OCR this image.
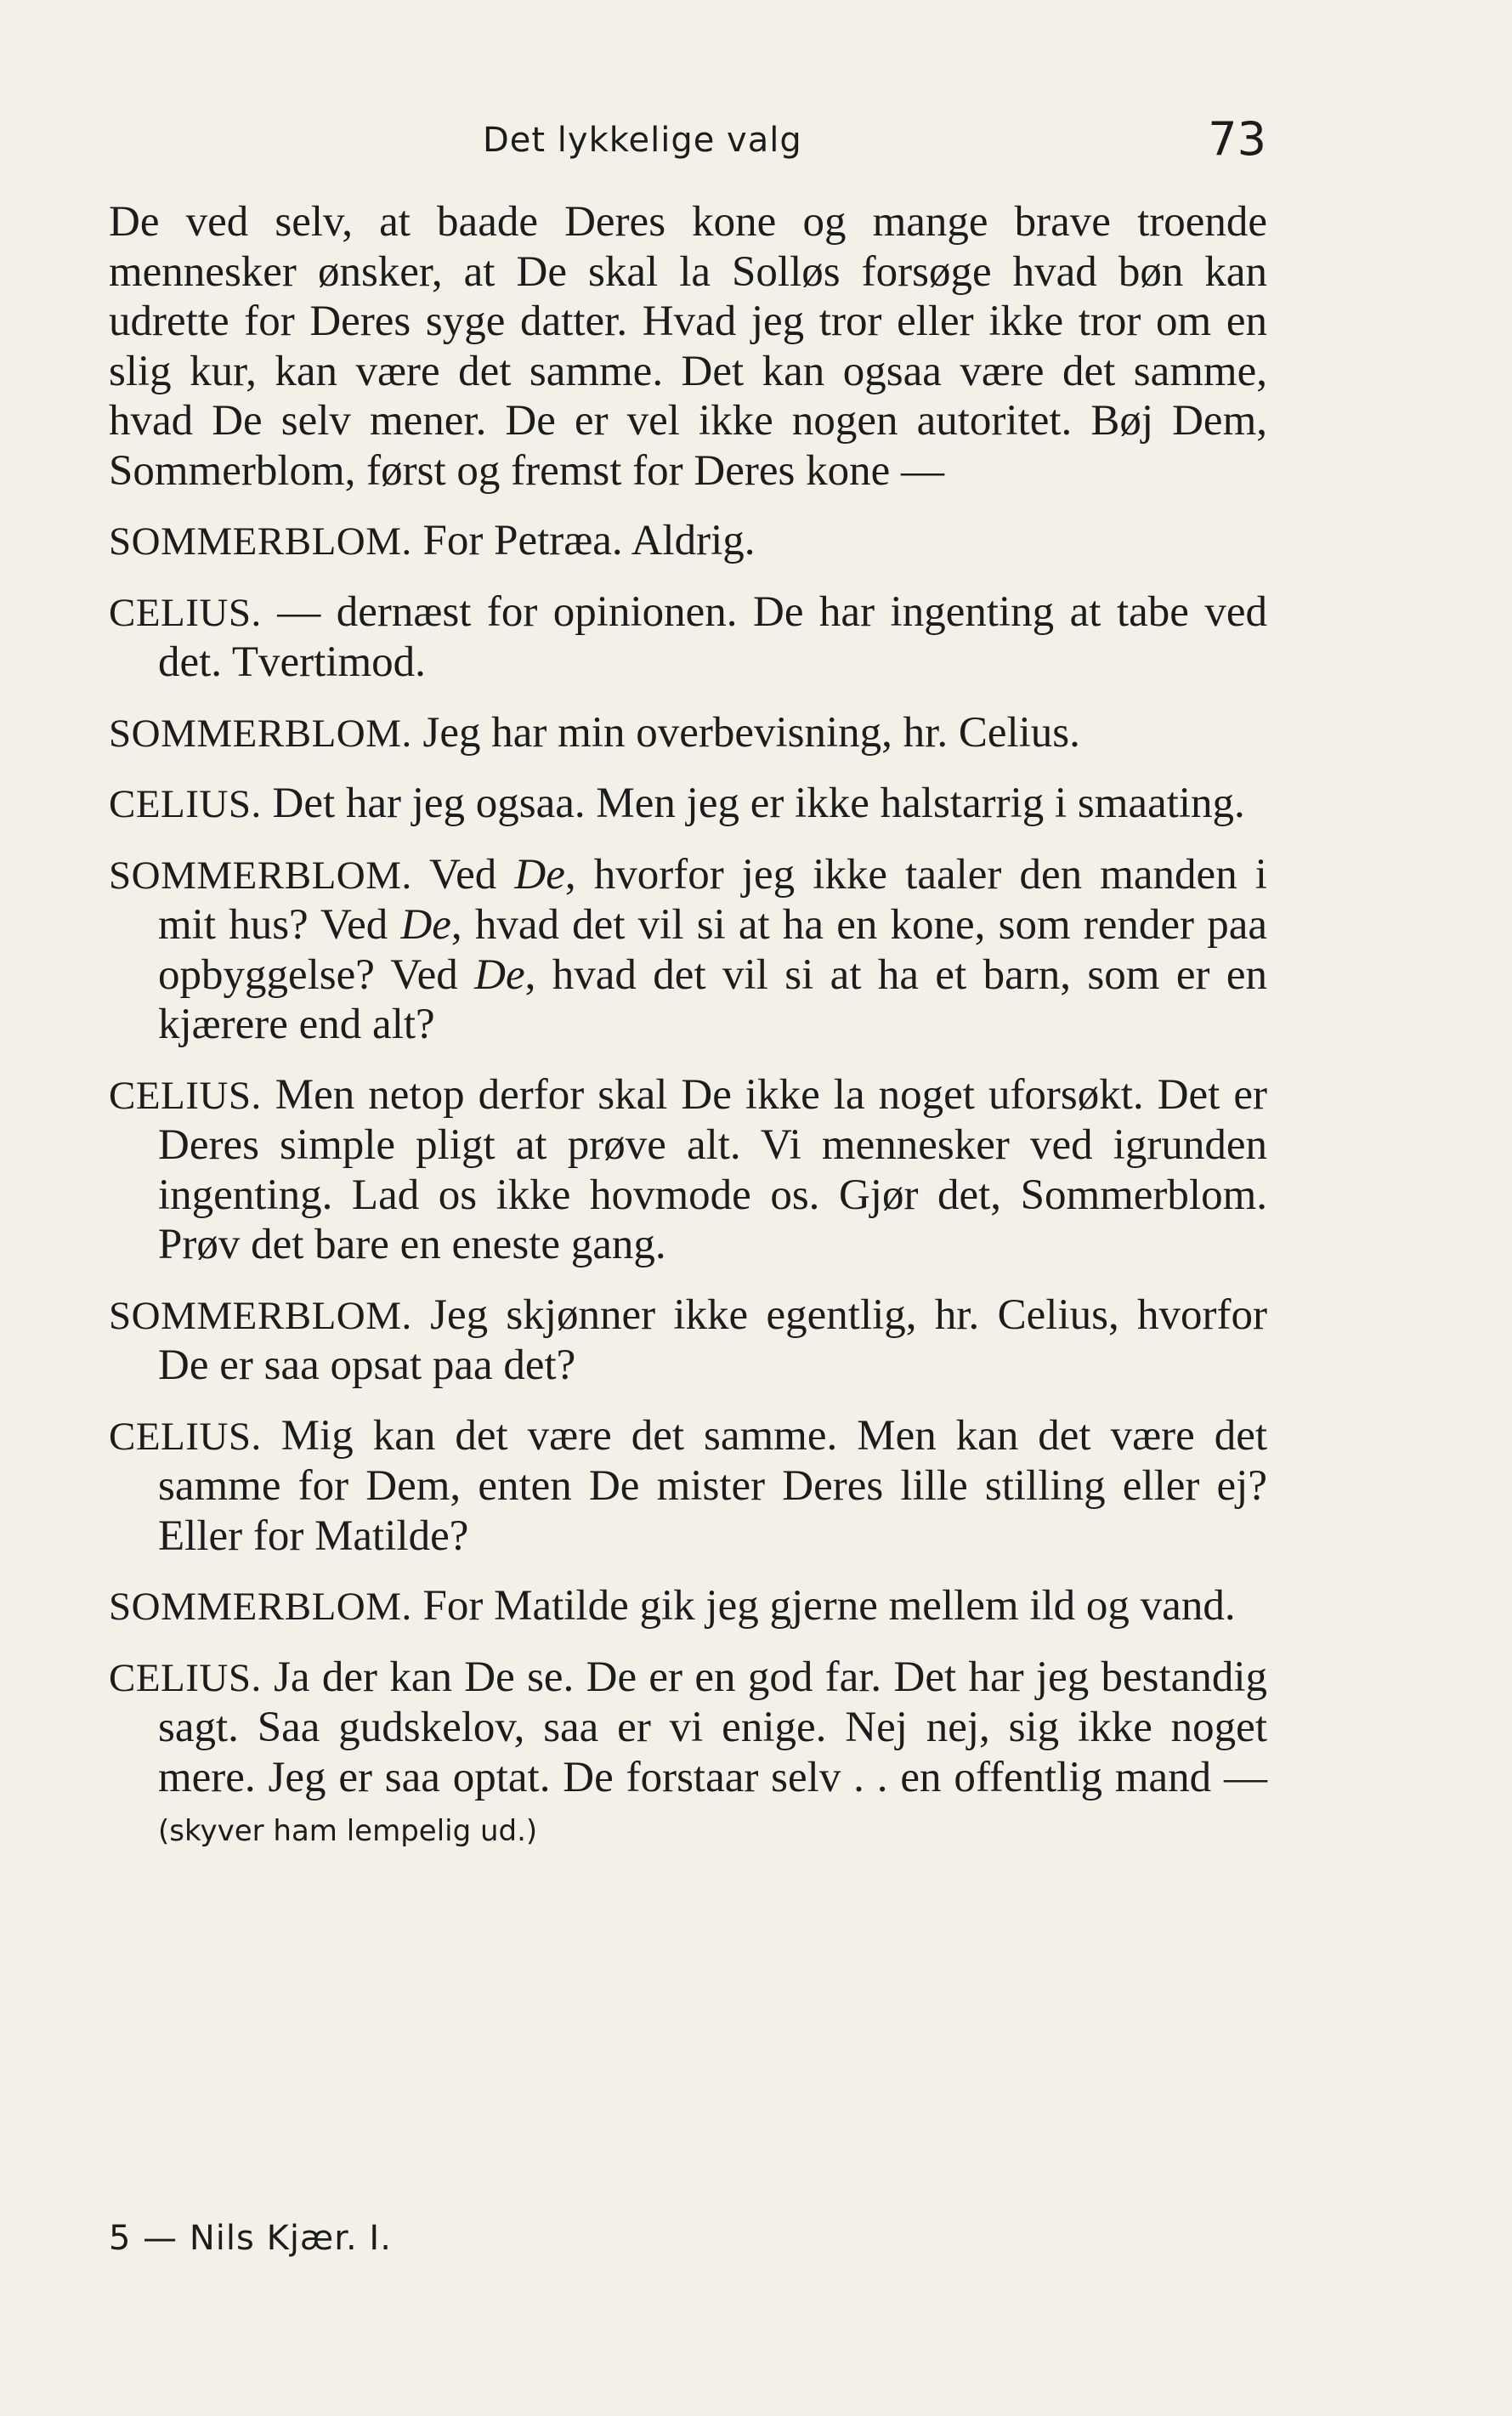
Det lykkelige valg	73

De ved selv, at baade Deres kone og mange brave troende mennesker ønsker, at De skal la Solløs forsøge hvad bøn kan udrette for Deres syge datter. Hvad jeg tror eller ikke tror om en slig kur, kan være det samme. Det kan ogsaa være det samme, hvad De selv mener. De er vel ikke nogen autoritet. Bøj Dem, Sommerblom, først og fremst for Deres kone —

SOMMERBLOM. For Petræa. Aldrig.

CELIUS. — dernæst for opinionen. De har ingenting at tabe ved det. Tvertimod.

SOMMERBLOM. Jeg har min overbevisning, hr. Celius.

CELIUS. Det har jeg ogsaa. Men jeg er ikke halstarrig i smaating.

SOMMERBLOM. Ved De, hvorfor jeg ikke taaler den manden i mit hus? Ved De, hvad det vil si at ha en kone, som render paa opbyggelse? Ved De, hvad det vil si at ha et barn, som er en kjærere end alt?

CELIUS. Men netop derfor skal De ikke la noget uforsøkt. Det er Deres simple pligt at prøve alt. Vi mennesker ved igrunden ingenting. Lad os ikke hovmode os. Gjør det, Sommerblom. Prøv det bare en eneste gang.

SOMMERBLOM. Jeg skjønner ikke egentlig, hr. Celius, hvorfor De er saa opsat paa det?

CELIUS. Mig kan det være det samme. Men kan det være det samme for Dem, enten De mister Deres lille stilling eller ej? Eller for Matilde?

SOMMERBLOM. For Matilde gik jeg gjerne mellem ild og vand.

CELIUS. Ja der kan De se. De er en god far. Det har jeg bestandig sagt. Saa gudskelov, saa er vi enige. Nej nej, sig ikke noget mere. Jeg er saa optat. De forstaar selv . . en offentlig mand — (skyver ham lempelig ud.)

5 — Nils Kjær. I.
